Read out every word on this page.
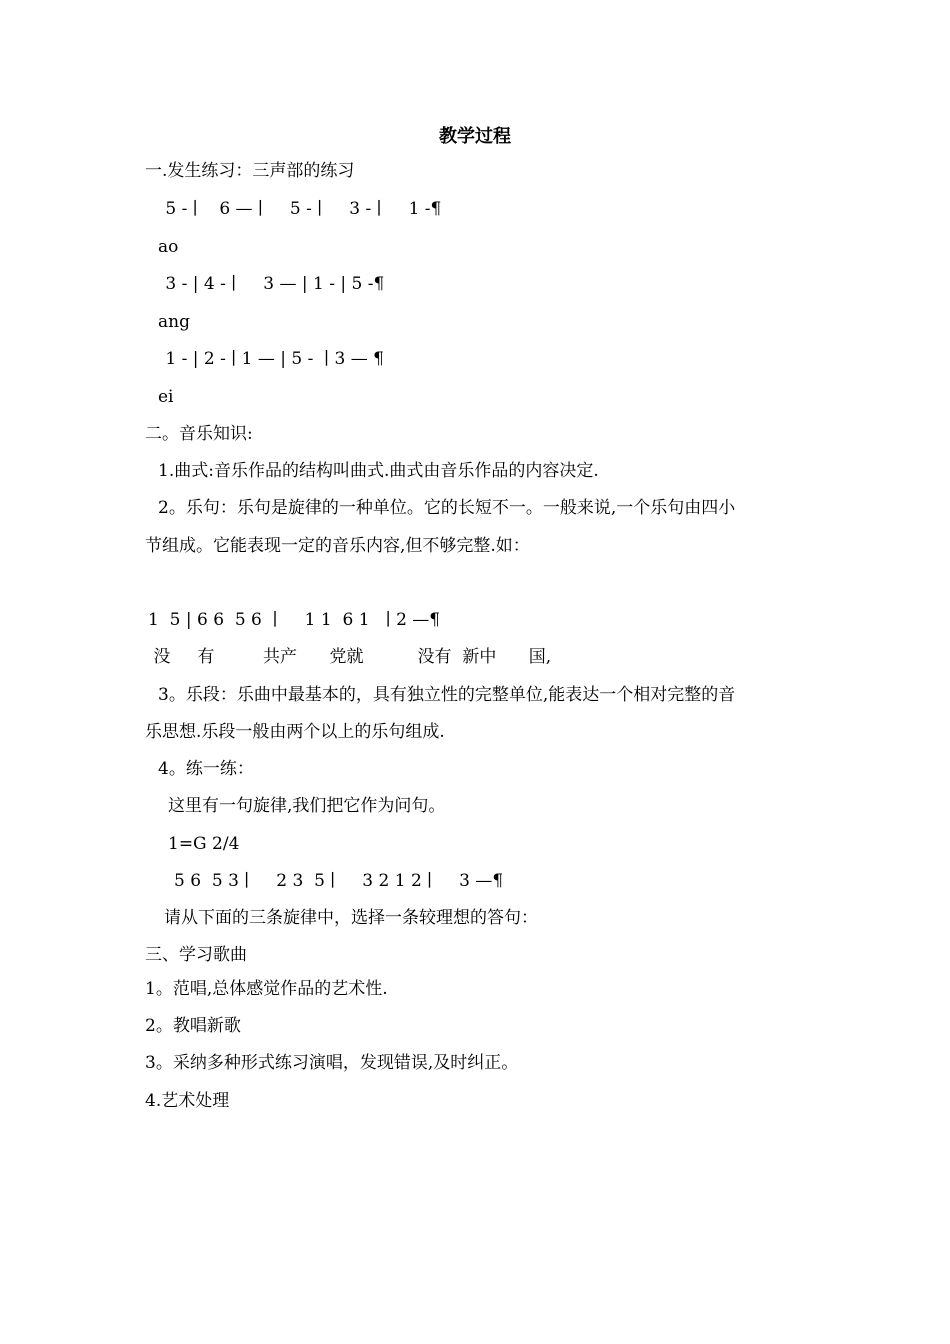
教学过程
一.发生练习：三声部的练习
5 - ∣    6 — ∣     5 - ∣     3 - ∣     1 -¶
ao
3 - | 4 - ∣     3 — | 1 - | 5 -¶
ang
1 - | 2 - ∣ 1 — | 5 -  ∣ 3 — ¶
ei
二。音乐知识:
1.曲式:音乐作品的结构叫曲式.曲式由音乐作品的内容决定.
2。乐句：乐句是旋律的一种单位。它的长短不一。一般来说,一个乐句由四小
节组成。它能表现一定的音乐内容,但不够完整.如：
1  5 | 6 6  5 6  ∣     1 1  6 1   ∣ 2 —¶
没     有         共产      党就          没有  新中      国,
3。乐段：乐曲中最基本的，具有独立性的完整单位,能表达一个相对完整的音
乐思想.乐段一般由两个以上的乐句组成.
4。练一练：
这里有一句旋律,我们把它作为问句。
1=G 2/4
5 6  5 3 ∣     2 3  5 ∣     3 2 1 2 ∣     3 —¶
请从下面的三条旋律中，选择一条较理想的答句：
三、学习歌曲
1。范唱,总体感觉作品的艺术性.
2。教唱新歌
3。采纳多种形式练习演唱，发现错误,及时纠正。
4.艺术处理
